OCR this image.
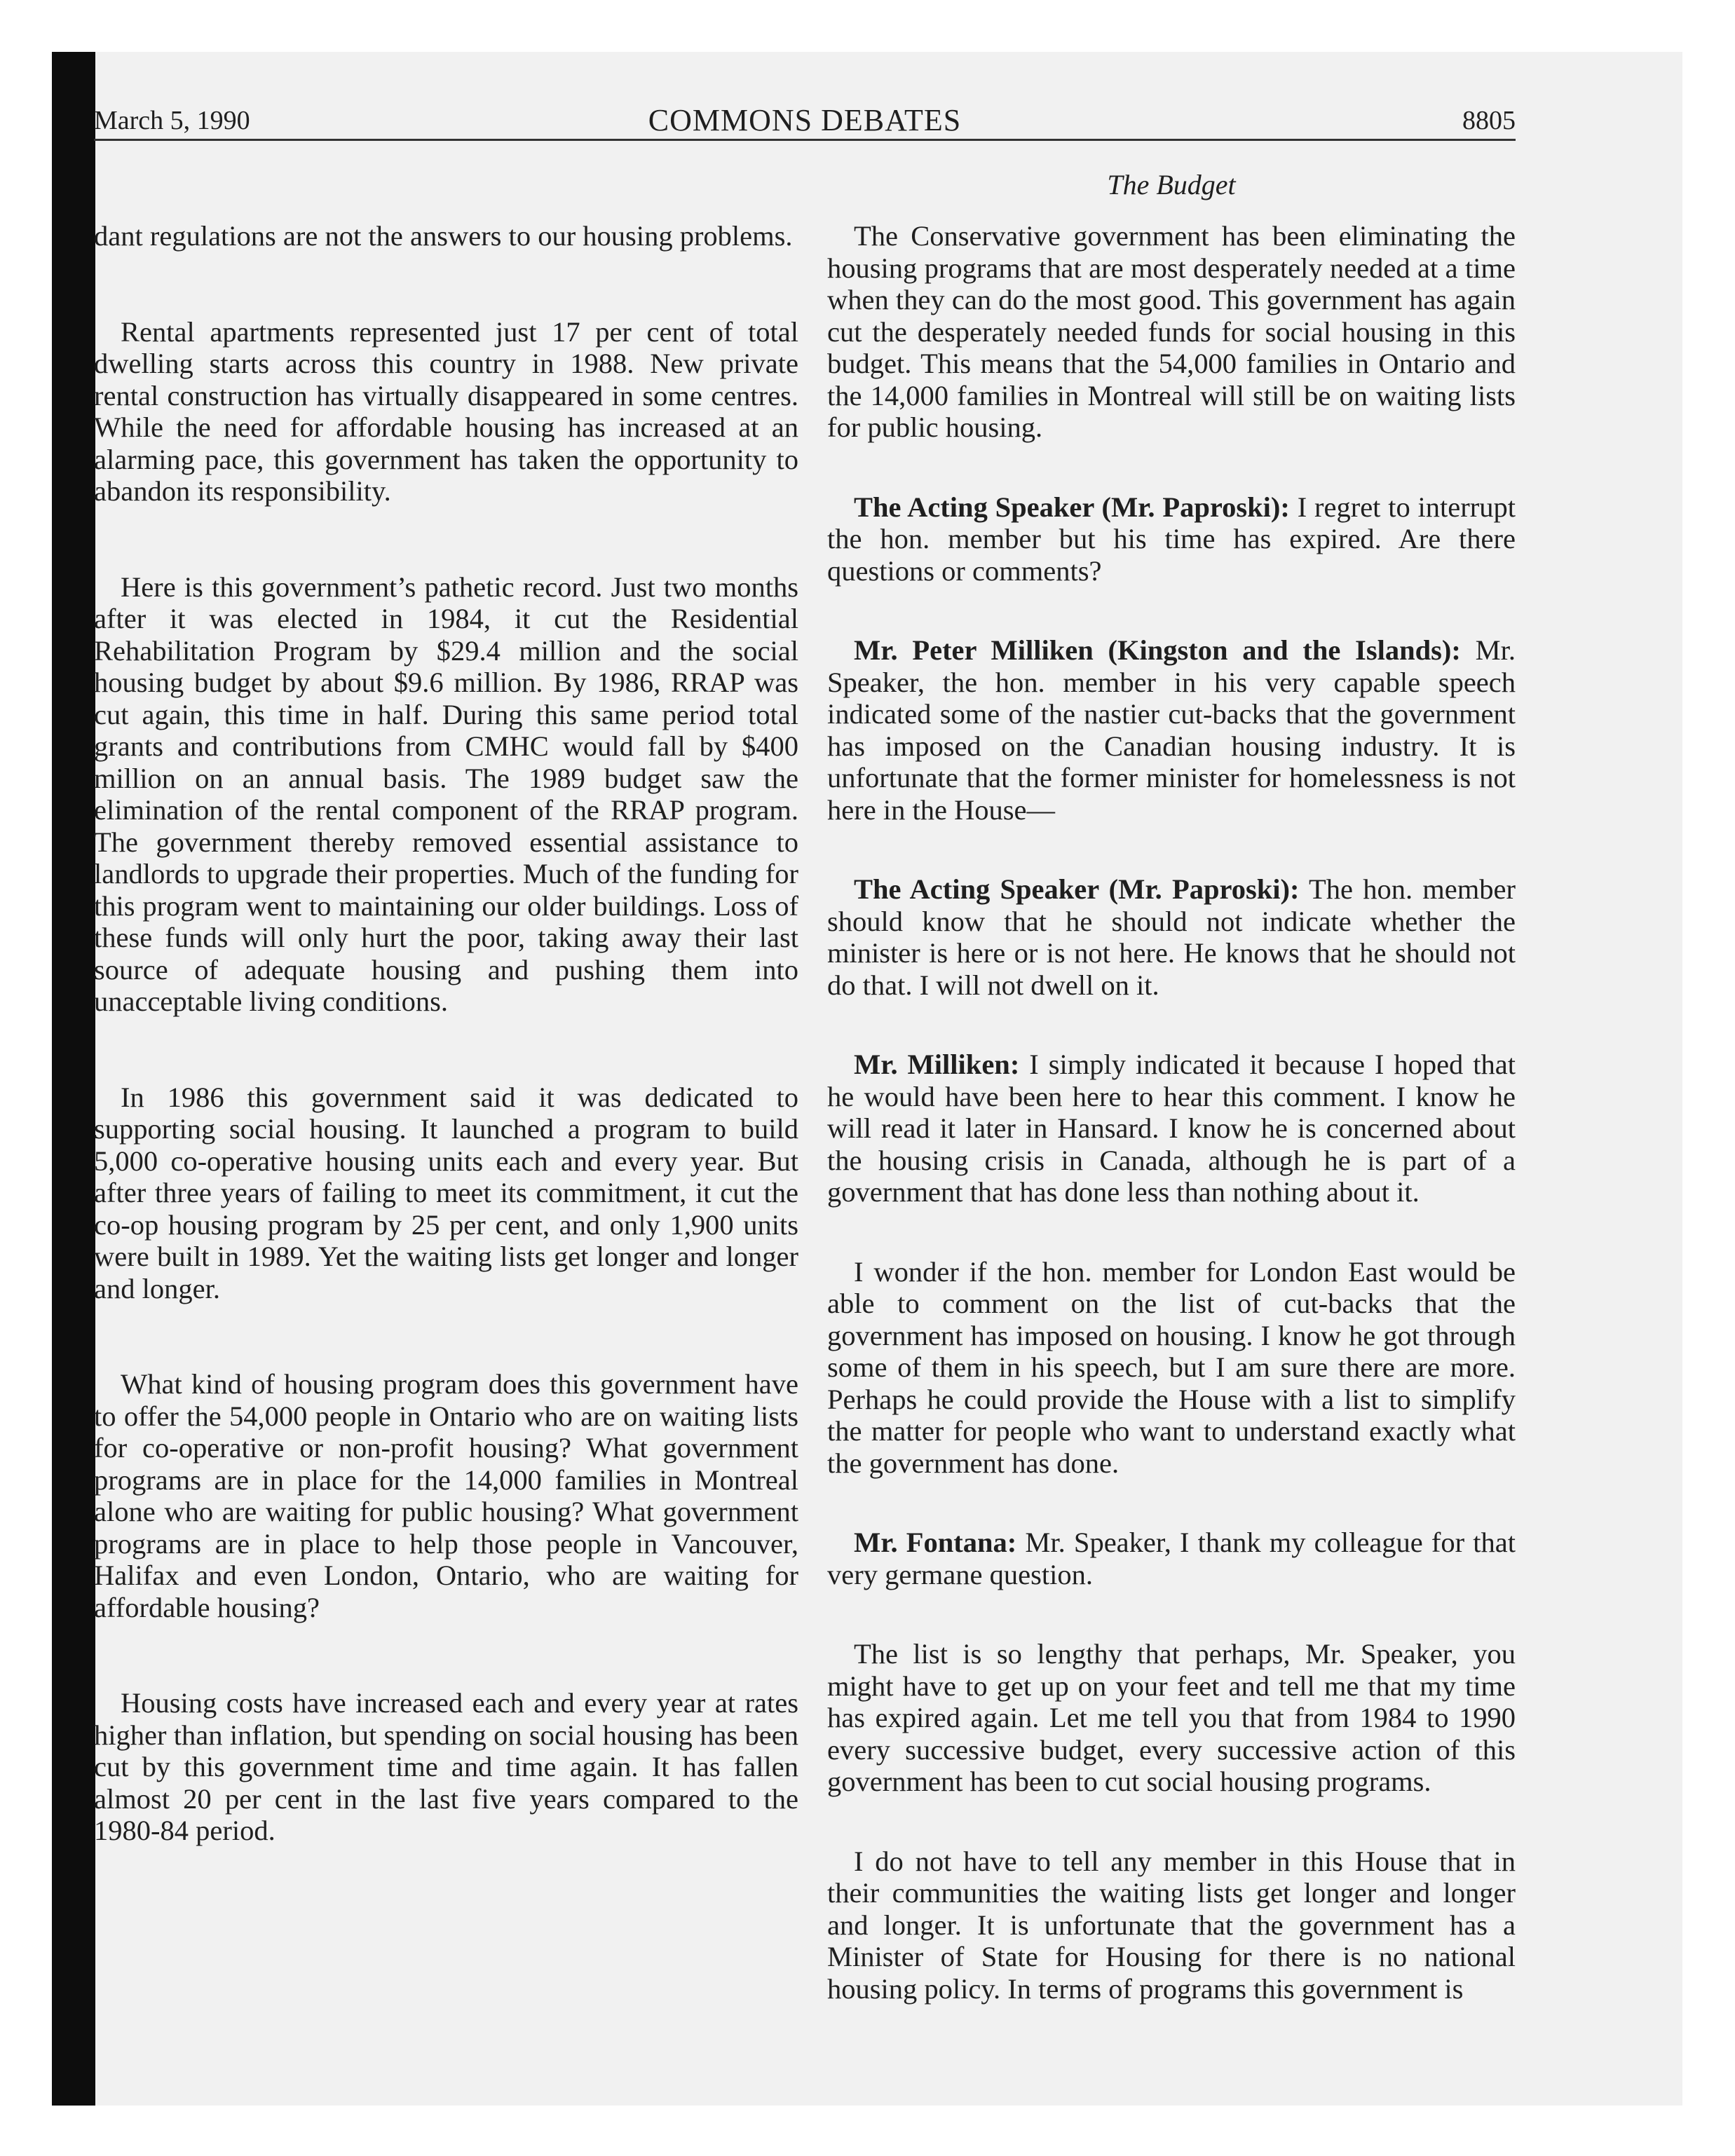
March 5, 1990	COMMONS DEBATES	8805
The Budget

dant regulations are not the answers to our housing problems.

Rental apartments represented just 17 per cent of total dwelling starts across this country in 1988. New private rental construction has virtually disappeared in some centres. While the need for affordable housing has increased at an alarming pace, this government has taken the opportunity to abandon its responsibility.

Here is this government’s pathetic record. Just two months after it was elected in 1984, it cut the Residential Rehabilitation Program by $29.4 million and the social housing budget by about $9.6 million. By 1986, RRAP was cut again, this time in half. During this same period total grants and contributions from CMHC would fall by $400 million on an annual basis. The 1989 budget saw the elimination of the rental component of the RRAP program. The government thereby removed essential assistance to landlords to upgrade their properties. Much of the funding for this program went to maintaining our older buildings. Loss of these funds will only hurt the poor, taking away their last source of adequate housing and pushing them into unacceptable living conditions.

In 1986 this government said it was dedicated to supporting social housing. It launched a program to build 5,000 co-operative housing units each and every year. But after three years of failing to meet its commitment, it cut the co-op housing program by 25 per cent, and only 1,900 units were built in 1989. Yet the waiting lists get longer and longer and longer.

What kind of housing program does this government have to offer the 54,000 people in Ontario who are on waiting lists for co-operative or non-profit housing? What government programs are in place for the 14,000 families in Montreal alone who are waiting for public housing? What government programs are in place to help those people in Vancouver, Halifax and even London, Ontario, who are waiting for affordable housing?

Housing costs have increased each and every year at rates higher than inflation, but spending on social housing has been cut by this government time and time again. It has fallen almost 20 per cent in the last five years compared to the 1980-84 period.

The Conservative government has been eliminating the housing programs that are most desperately needed at a time when they can do the most good. This government has again cut the desperately needed funds for social housing in this budget. This means that the 54,000 families in Ontario and the 14,000 families in Montreal will still be on waiting lists for public housing.

The Acting Speaker (Mr. Paproski): I regret to interrupt the hon. member but his time has expired. Are there questions or comments?

Mr. Peter Milliken (Kingston and the Islands): Mr. Speaker, the hon. member in his very capable speech indicated some of the nastier cut-backs that the government has imposed on the Canadian housing industry. It is unfortunate that the former minister for homelessness is not here in the House—

The Acting Speaker (Mr. Paproski): The hon. member should know that he should not indicate whether the minister is here or is not here. He knows that he should not do that. I will not dwell on it.

Mr. Milliken: I simply indicated it because I hoped that he would have been here to hear this comment. I know he will read it later in Hansard. I know he is concerned about the housing crisis in Canada, although he is part of a government that has done less than nothing about it.

I wonder if the hon. member for London East would be able to comment on the list of cut-backs that the government has imposed on housing. I know he got through some of them in his speech, but I am sure there are more. Perhaps he could provide the House with a list to simplify the matter for people who want to understand exactly what the government has done.

Mr. Fontana: Mr. Speaker, I thank my colleague for that very germane question.

The list is so lengthy that perhaps, Mr. Speaker, you might have to get up on your feet and tell me that my time has expired again. Let me tell you that from 1984 to 1990 every successive budget, every successive action of this government has been to cut social housing programs.

I do not have to tell any member in this House that in their communities the waiting lists get longer and longer and longer. It is unfortunate that the government has a Minister of State for Housing for there is no national housing policy. In terms of programs this government is
